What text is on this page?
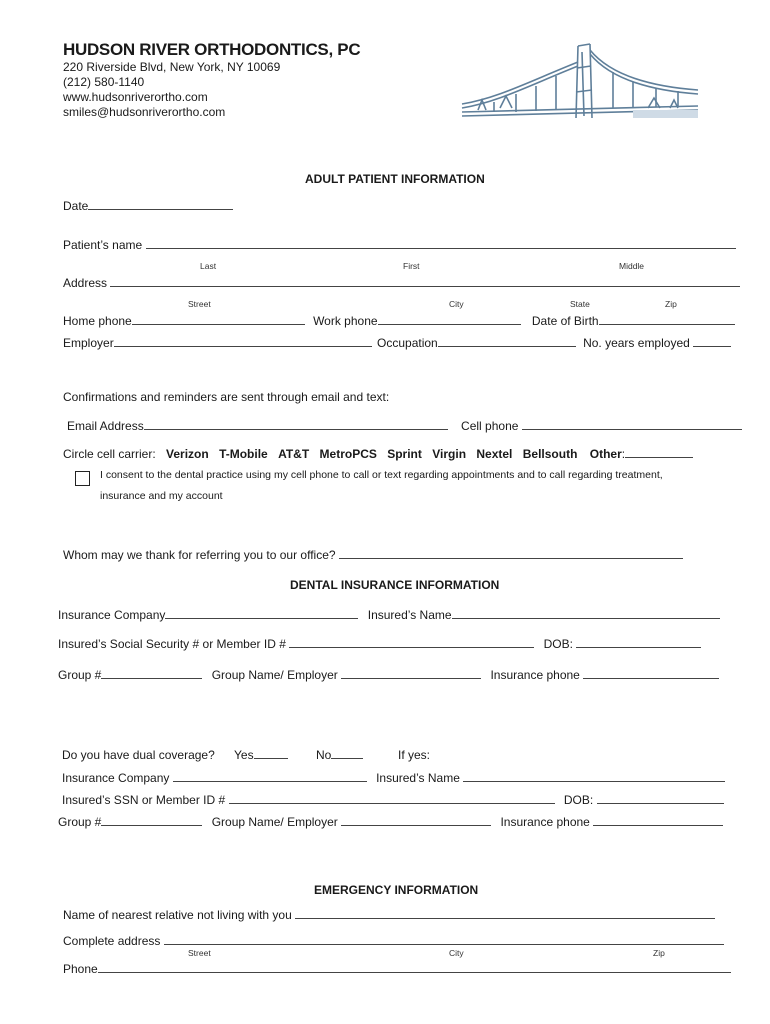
HUDSON RIVER ORTHODONTICS, PC
220 Riverside Blvd, New York, NY 10069
(212) 580-1140
www.hudsonriverortho.com
smiles@hudsonriverortho.com
ADULT PATIENT INFORMATION
Date
Patient’s name
Last	First	Middle
Address
Street	City	State	Zip
Home phone	Work phone	Date of Birth
Employer	Occupation	No. years employed
Confirmations and reminders are sent through email and text:
Email Address	Cell phone
Circle cell carrier: Verizon T-Mobile AT&T MetroPCS Sprint Virgin Nextel Bellsouth Other:
I consent to the dental practice using my cell phone to call or text regarding appointments and to call regarding treatment,
insurance and my account
Whom may we thank for referring you to our office?
DENTAL INSURANCE INFORMATION
Insurance Company	Insured’s Name
Insured’s Social Security # or Member ID #	DOB:
Group #	Group Name/ Employer	Insurance phone
Do you have dual coverage? Yes	No	If yes:
Insurance Company	Insured’s Name
Insured’s SSN or Member ID #	DOB:
Group #	Group Name/ Employer	Insurance phone
EMERGENCY INFORMATION
Name of nearest relative not living with you
Complete address
Street	City	Zip
Phone
